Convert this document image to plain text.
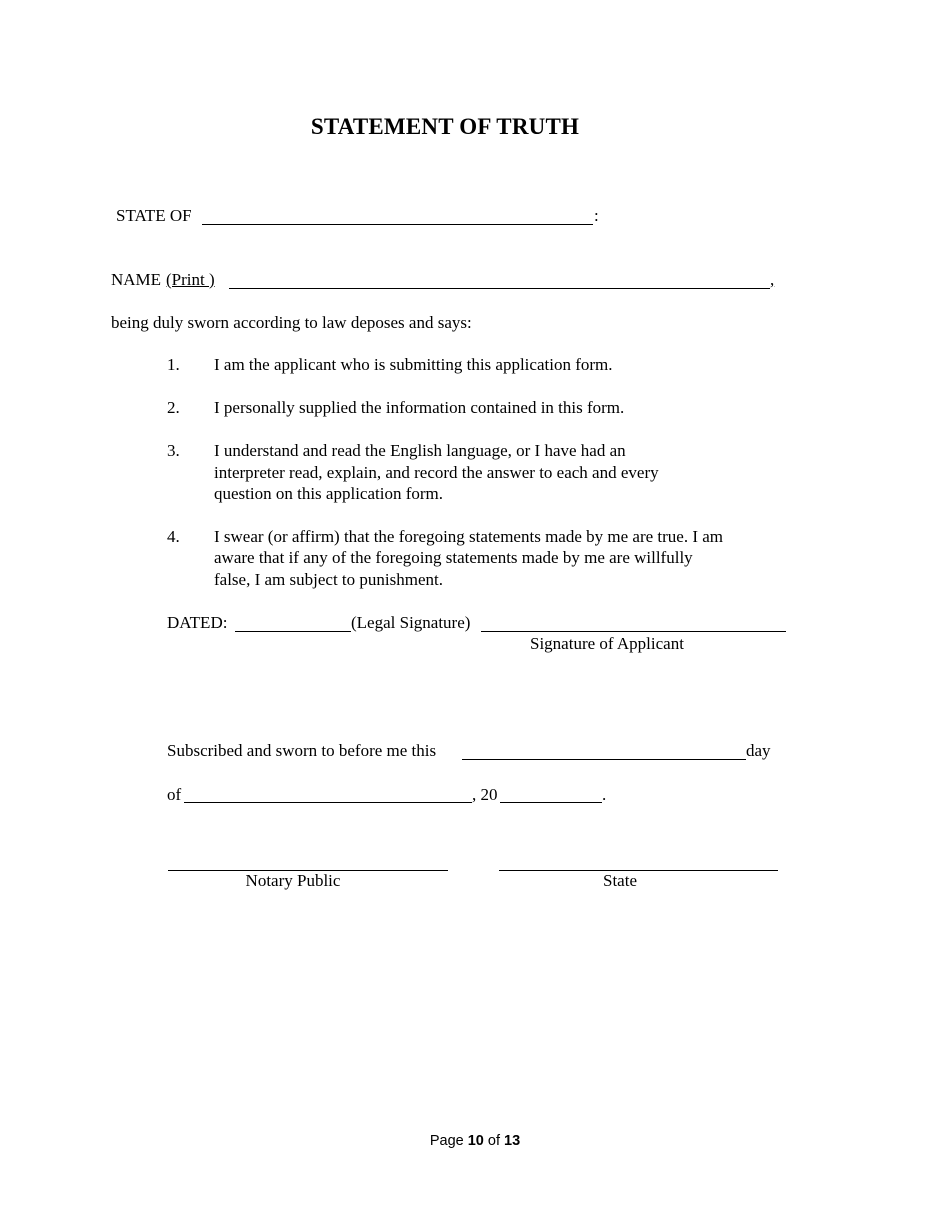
STATEMENT OF TRUTH
STATE OF	:
NAME (Print )	,
being duly sworn according to law deposes and says:
1.	I am the applicant who is submitting this application form.
2.	I personally supplied the information contained in this form.
3.	I understand and read the English language, or I have had an
interpreter read, explain, and record the answer to each and every
question on this application form.
4.	I swear (or affirm) that the foregoing statements made by me are true. I am
aware that if any of the foregoing statements made by me are willfully
false, I am subject to punishment.
DATED:	(Legal Signature)
Signature of Applicant
Subscribed and sworn to before me this	day
of	, 20	.
Notary Public	State
Page 10 of 13
